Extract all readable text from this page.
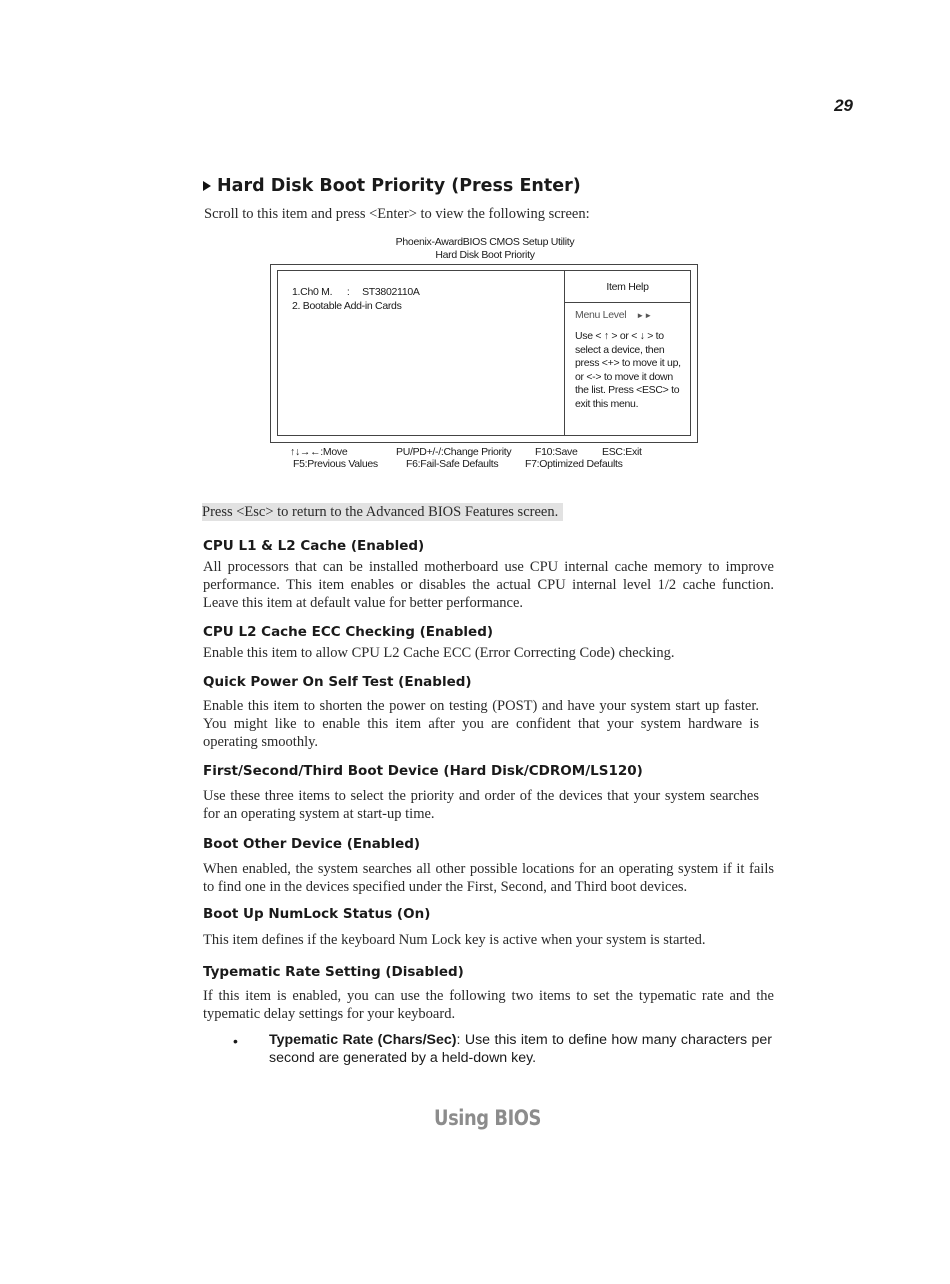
29
Hard Disk Boot Priority (Press Enter)
Scroll to this item and press <Enter> to view the following screen:
Phoenix-AwardBIOS CMOS Setup Utility
Hard Disk Boot Priority
1.Ch0 M. : ST3802110A
2. Bootable Add-in Cards
Item Help
Menu Level ►►
Use < ↑ > or < ↓ > to select a device, then press <+> to move it up, or <-> to move it down the list. Press <ESC> to exit this menu.
↑↓→←:Move	PU/PD+/-/:Change Priority F10:Save ESC:Exit
F5:Previous Values	F6:Fail-Safe Defaults	F7:Optimized Defaults
Press <Esc> to return to the Advanced BIOS Features screen.
CPU L1 & L2 Cache (Enabled)
All processors that can be installed motherboard use CPU internal cache memory to improve performance. This item enables or disables the actual CPU internal level 1/2 cache function. Leave this item at default value for better performance.
CPU L2 Cache ECC Checking (Enabled)
Enable this item to allow CPU L2 Cache ECC (Error Correcting Code) checking.
Quick Power On Self Test (Enabled)
Enable this item to shorten the power on testing (POST) and have your system start up faster. You might like to enable this item after you are confident that your system hardware is operating smoothly.
First/Second/Third Boot Device (Hard Disk/CDROM/LS120)
Use these three items to select the priority and order of the devices that your system searches for an operating system at start-up time.
Boot Other Device (Enabled)
When enabled, the system searches all other possible locations for an operating system if it fails to find one in the devices specified under the First, Second, and Third boot devices.
Boot Up NumLock Status (On)
This item defines if the keyboard Num Lock key is active when your system is started.
Typematic Rate Setting (Disabled)
If this item is enabled, you can use the following two items to set the typematic rate and the typematic delay settings for your keyboard.
• Typematic Rate (Chars/Sec): Use this item to define how many characters per second are generated by a held-down key.
Using BIOS
